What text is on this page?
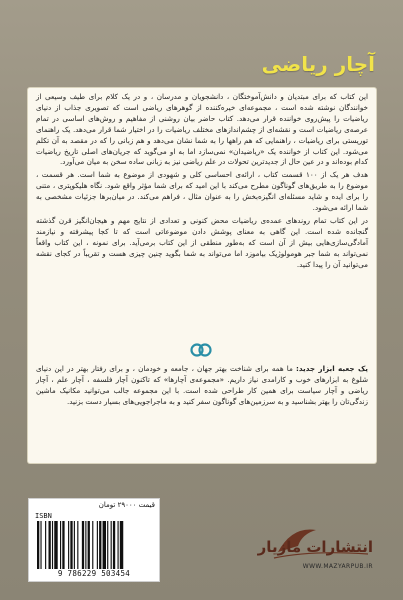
آچار ریاضی

این کتاب که برای مبتدیان و دانش‌آموختگان ، دانشجویان و مدرسان ، و در یک کلام برای طیف وسیعی از خوانندگان نوشته شده است ، مجموعه‌ای خیره‌کننده از گوهرهای ریاضی است که تصویری جذاب از دنیای ریاضیات را پیش‌روی خواننده قرار می‌دهد. کتاب حاضر بیان روشنی از مفاهیم و روش‌های اساسی در تمام عرصه‌ی ریاضیات است و نقشه‌ای از چشم‌اندازهای مختلف ریاضیات را در اختیار شما قرار می‌دهد. یک راهنمای توریستی برای ریاضیات ، راهنمایی که هم راهها را به شما نشان می‌دهد و هم زبانی را که در مقصد به آن تکلم می‌شود. این کتاب از خواننده یک «ریاضیدان» نمی‌سازد اما به او می‌گوید که جریان‌های اصلی تاریخ ریاضیات کدام بوده‌اند و در عین حال از جدیدترین تحولات در علم ریاضی نیز به زبانی ساده سخن به میان می‌آورد.

هدف هر یک از ۱۰۰ قسمت کتاب ، ارائه‌ی احساسی کلی و شهودی از موضوع به شما است. هر قسمت ، موضوع را به طریق‌های گوناگون مطرح می‌کند با این امید که برای شما مؤثر واقع شود. نگاه هلیکوپتری ، متنی را برای ایده و شاید مسئله‌ای انگیزه‌بخش را به عنوان مثال ، فراهم می‌کند. در میان‌برها جزئیات مشخصی به شما ارائه می‌شود.

در این کتاب تمام روندهای عمده‌ی ریاضیات محض کنونی و تعدادی از نتایج مهم و هیجان‌انگیز قرن گذشته گنجانده شده است. این گاهی به معنای پوشش دادن موضوعاتی است که تا کجا پیشرفته و نیازمند آمادگی‌سازی‌هایی بیش از آن است که به‌طور منطقی از این کتاب برمی‌آید. برای نمونه ، این کتاب واقعاً نمی‌تواند به شما جبر هومولوژیک بیاموزد اما می‌تواند به شما بگوید چنین چیزی هست و تقریباً در کجای نقشه می‌توانید آن را پیدا کنید.

یک جعبه ابزار جدید: ما همه برای شناخت بهتر جهان ، جامعه و خودمان ، و برای رفتار بهتر در این دنیای شلوغ به ابزارهای خوب و کارامدی نیاز داریم. «مجموعه‌ی آچارها» که تاکنون آچار فلسفه ، آچار علم ، آچار ریاضی و آچار سیاست برای همین کار طراحی شده است. با این مجموعه جالب می‌توانید مکانیک ماشین زندگی‌تان را بهتر بشناسید و به سرزمین‌های گوناگون سفر کنید و به ماجراجویی‌های بسیار دست بزنید.

قیمت ۲۹۰۰۰ تومان
ISBN
9 786229 503454
انتشارات مازیار
WWW.MAZYARPUB.IR
